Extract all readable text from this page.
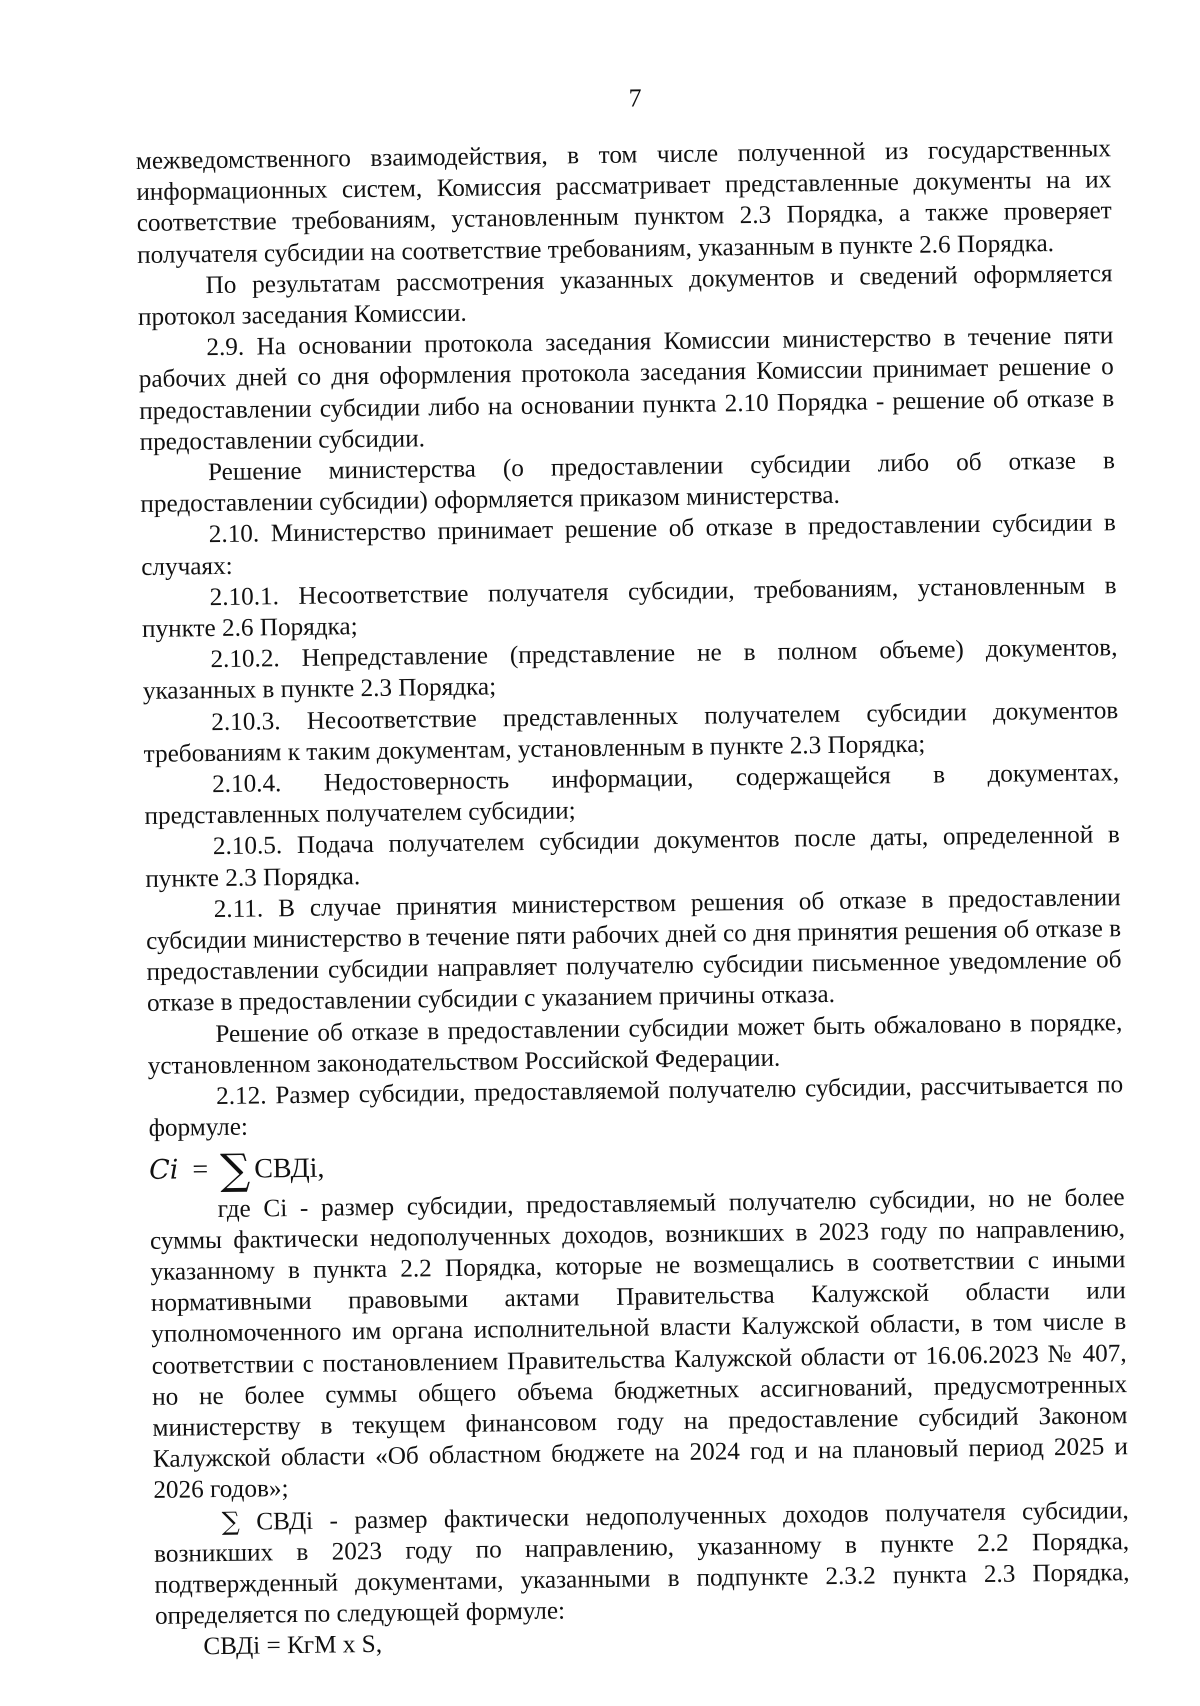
7

межведомственного взаимодействия, в том числе полученной из государственных информационных систем, Комиссия рассматривает представленные документы на их соответствие требованиям, установленным пунктом 2.3 Порядка, а также проверяет получателя субсидии на соответствие требованиям, указанным в пункте 2.6 Порядка.

По результатам рассмотрения указанных документов и сведений оформляется протокол заседания Комиссии.

2.9. На основании протокола заседания Комиссии министерство в течение пяти рабочих дней со дня оформления протокола заседания Комиссии принимает решение о предоставлении субсидии либо на основании пункта 2.10 Порядка - решение об отказе в предоставлении субсидии.

Решение министерства (о предоставлении субсидии либо об отказе в предоставлении субсидии) оформляется приказом министерства.

2.10. Министерство принимает решение об отказе в предоставлении субсидии в случаях:

2.10.1. Несоответствие получателя субсидии, требованиям, установленным в пункте 2.6 Порядка;

2.10.2. Непредставление (представление не в полном объеме) документов, указанных в пункте 2.3 Порядка;

2.10.3. Несоответствие представленных получателем субсидии документов требованиям к таким документам, установленным в пункте 2.3 Порядка;

2.10.4. Недостоверность информации, содержащейся в документах, представленных получателем субсидии;

2.10.5. Подача получателем субсидии документов после даты, определенной в пункте 2.3 Порядка.

2.11. В случае принятия министерством решения об отказе в предоставлении субсидии министерство в течение пяти рабочих дней со дня принятия решения об отказе в предоставлении субсидии направляет получателю субсидии письменное уведомление об отказе в предоставлении субсидии с указанием причины отказа.

Решение об отказе в предоставлении субсидии может быть обжаловано в порядке, установленном законодательством Российской Федерации.

2.12. Размер субсидии, предоставляемой получателю субсидии, рассчитывается по формуле:

Ci = ∑ СВДi,

где Ci - размер субсидии, предоставляемый получателю субсидии, но не более суммы фактически недополученных доходов, возникших в 2023 году по направлению, указанному в пункта 2.2 Порядка, которые не возмещались в соответствии с иными нормативными правовыми актами Правительства Калужской области или уполномоченного им органа исполнительной власти Калужской области, в том числе в соответствии с постановлением Правительства Калужской области от 16.06.2023 № 407, но не более суммы общего объема бюджетных ассигнований, предусмотренных министерству в текущем финансовом году на предоставление субсидий Законом Калужской области «Об областном бюджете на 2024 год и на плановый период 2025 и 2026 годов»;

∑ СВДi - размер фактически недополученных доходов получателя субсидии, возникших в 2023 году по направлению, указанному в пункте 2.2 Порядка, подтвержденный документами, указанными в подпункте 2.3.2 пункта 2.3 Порядка, определяется по следующей формуле:

СВДi = КгМ х S,
